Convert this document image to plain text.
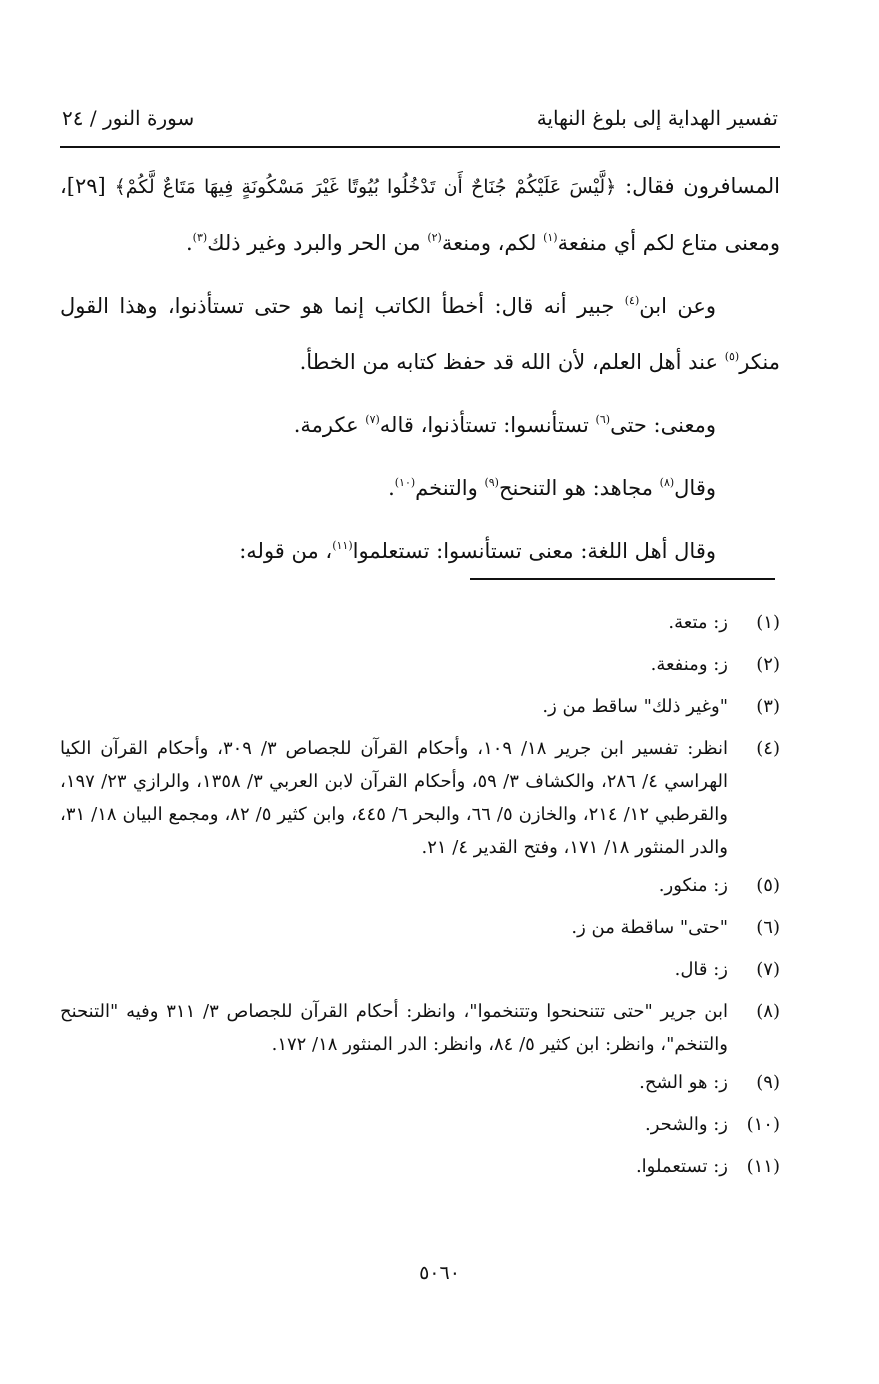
تفسير الهداية إلى بلوغ النهاية
سورة النور / ٢٤

المسافرون فقال: ﴿لَّيْسَ عَلَيْكُمْ جُنَاحٌ أَن تَدْخُلُوا بُيُوتًا غَيْرَ مَسْكُونَةٍ فِيهَا مَتَاعٌ لَّكُمْ﴾ [٢٩]، ومعنى متاع لكم أي منفعة$^{(١)}$ لكم، ومنعة$^{(٢)}$ من الحر والبرد وغير ذلك$^{(٣)}$.

وعن ابن$^{(٤)}$ جبير أنه قال: أخطأ الكاتب إنما هو حتى تستأذنوا، وهذا القول منكر$^{(٥)}$ عند أهل العلم، لأن الله قد حفظ كتابه من الخطأ.

ومعنى: حتى$^{(٦)}$ تستأنسوا: تستأذنوا، قاله$^{(٧)}$ عكرمة.

وقال$^{(٨)}$ مجاهد: هو التنحنح$^{(٩)}$ والتنخم$^{(١٠)}$.

وقال أهل اللغة: معنى تستأنسوا: تستعلموا$^{(١١)}$، من قوله:

(١)
ز: متعة.
(٢)
ز: ومنفعة.
(٣)
"وغير ذلك" ساقط من ز.
(٤)
انظر: تفسير ابن جرير ١٨/ ١٠٩، وأحكام القرآن للجصاص ٣/ ٣٠٩، وأحكام القرآن الكيا الهراسي ٤/ ٢٨٦، والكشاف ٣/ ٥٩، وأحكام القرآن لابن العربي ٣/ ١٣٥٨، والرازي ٢٣/ ١٩٧، والقرطبي ١٢/ ٢١٤، والخازن ٥/ ٦٦، والبحر ٦/ ٤٤٥، وابن كثير ٥/ ٨٢، ومجمع البيان ١٨/ ٣١، والدر المنثور ١٨/ ١٧١، وفتح القدير ٤/ ٢١.
(٥)
ز: منكور.
(٦)
"حتى" ساقطة من ز.
(٧)
ز: قال.
(٨)
ابن جرير "حتى تتنحنحوا وتتنخموا"، وانظر: أحكام القرآن للجصاص ٣/ ٣١١ وفيه "التنحنح والتنخم"، وانظر: ابن كثير ٥/ ٨٤، وانظر: الدر المنثور ١٨/ ١٧٢.
(٩)
ز: هو الشح.
(١٠)
ز: والشحر.
(١١)
ز: تستعملوا.
٥٠٦٠
